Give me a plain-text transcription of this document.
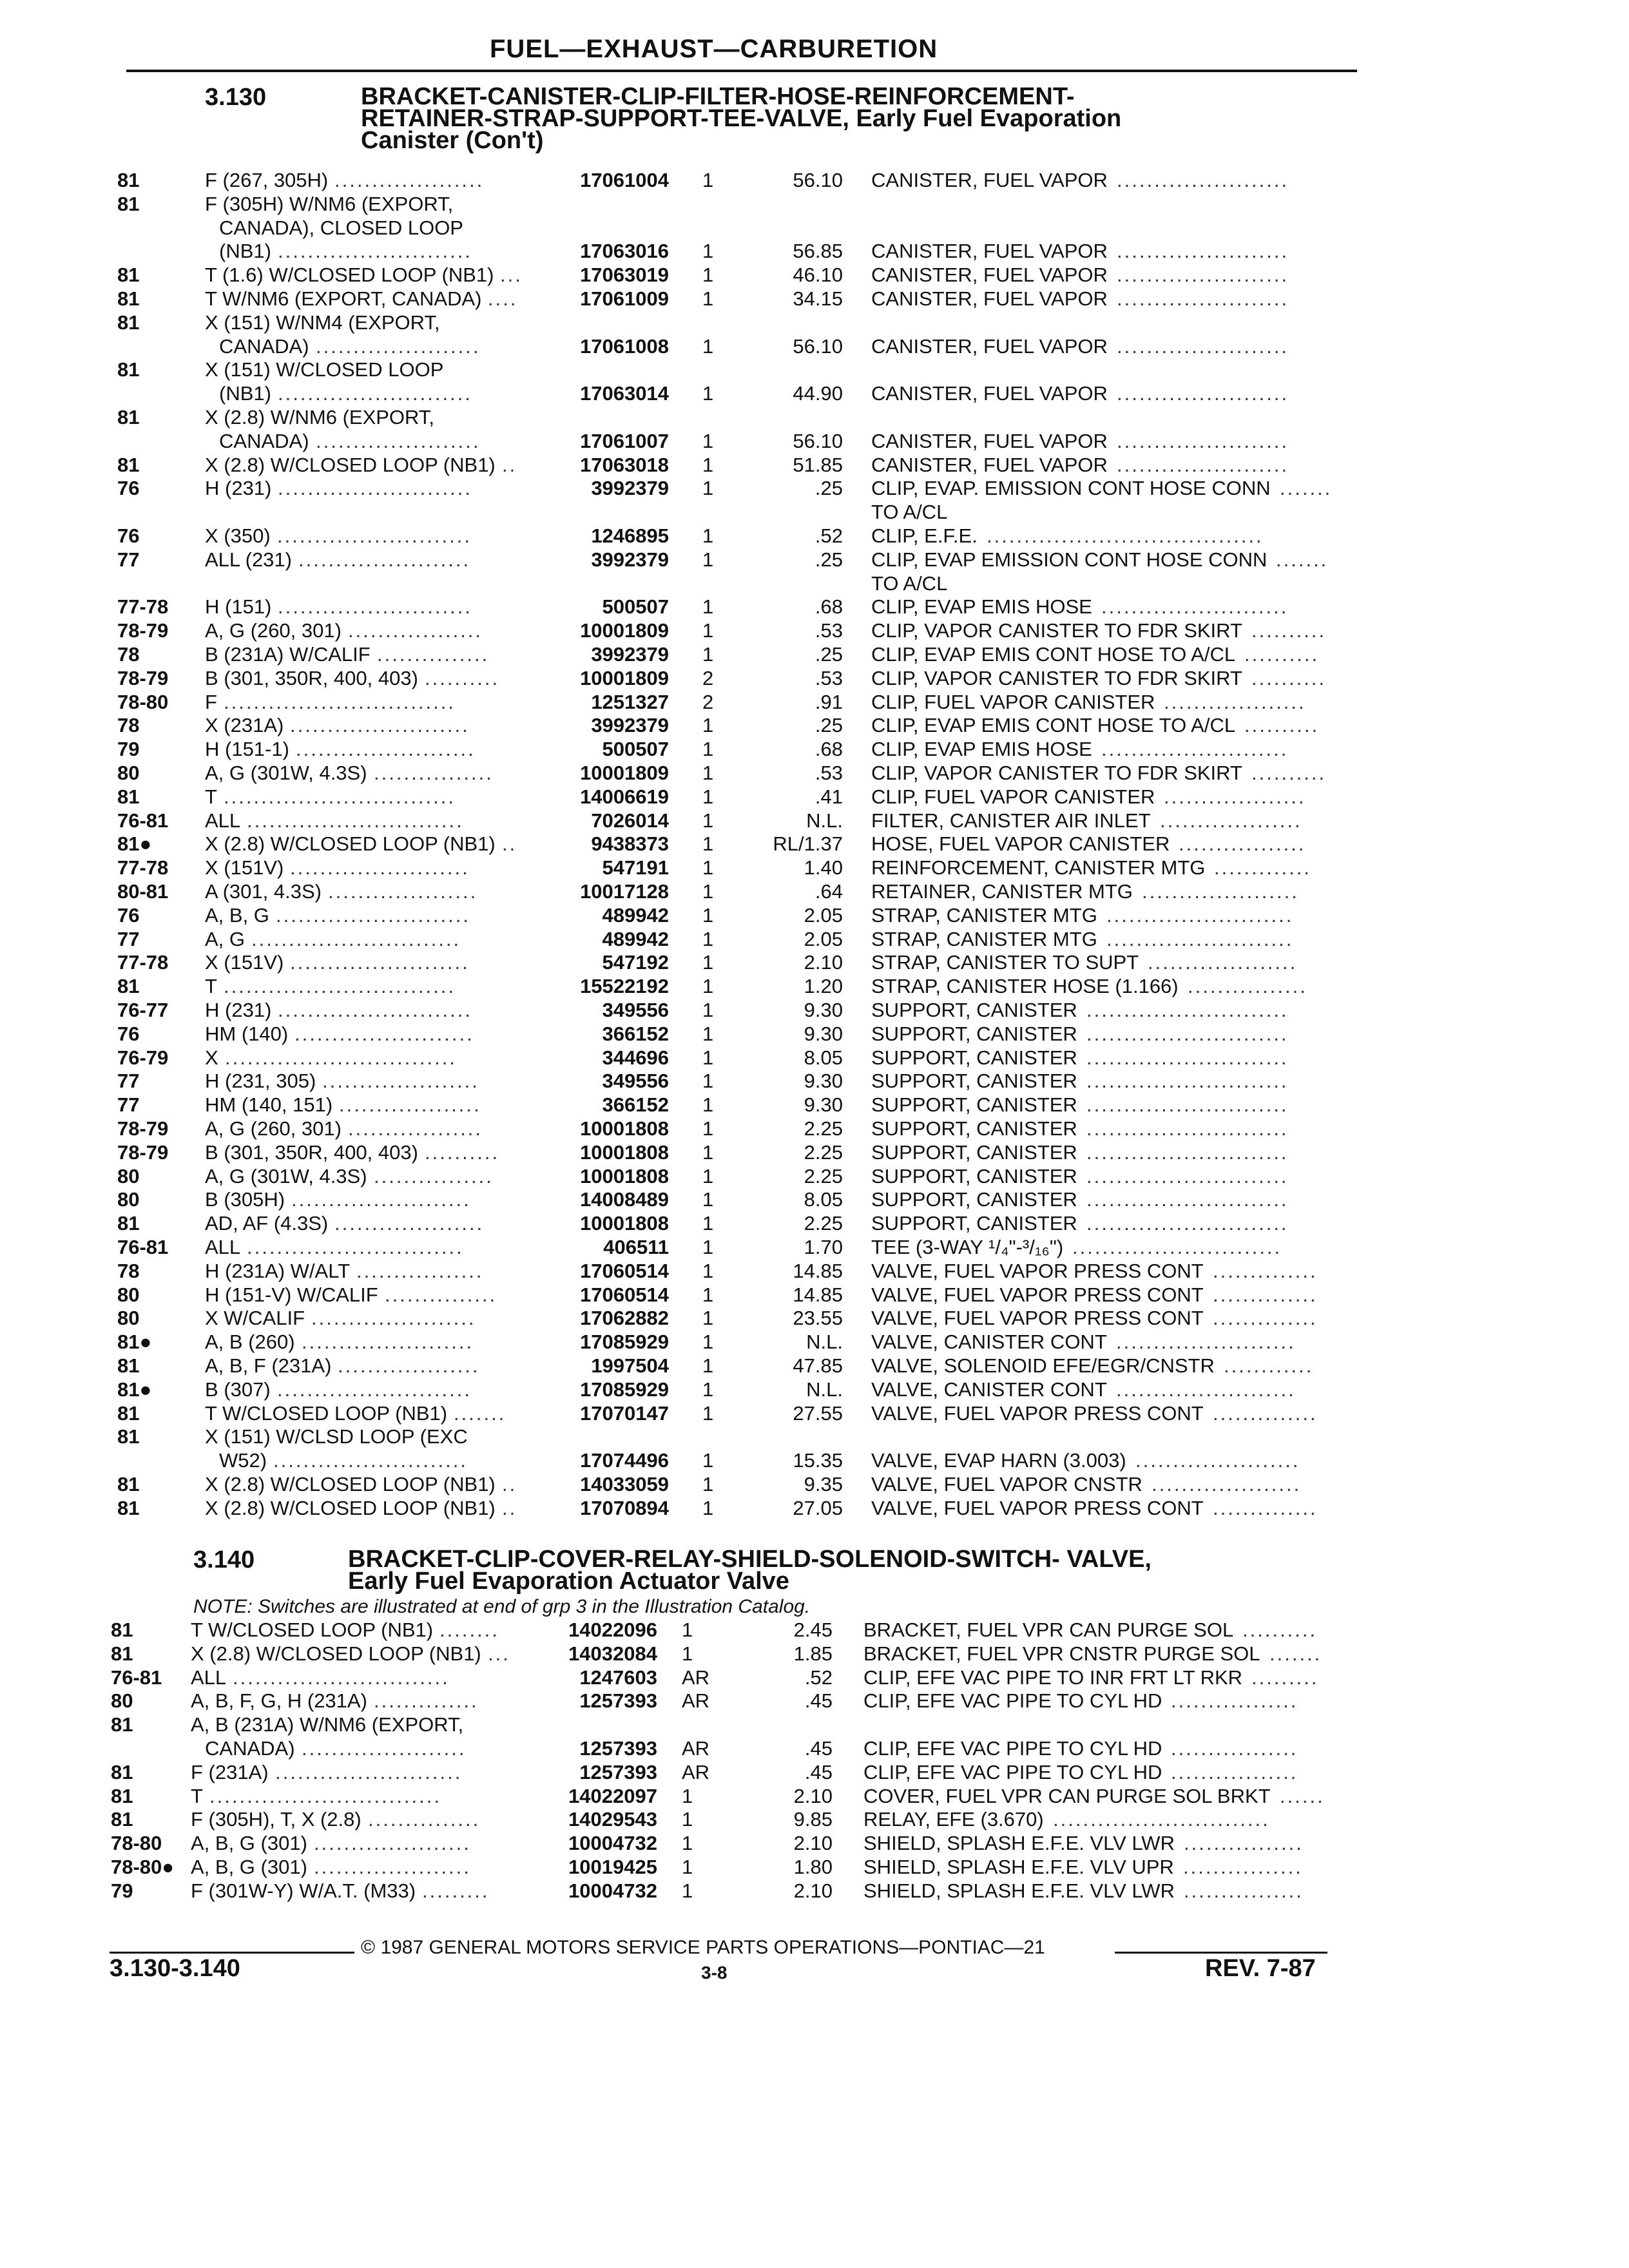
FUEL—EXHAUST—CARBURETION
3.130	BRACKET-CANISTER-CLIP-FILTER-HOSE-REINFORCEMENT-
RETAINER-STRAP-SUPPORT-TEE-VALVE, Early Fuel Evaporation
Canister (Con't)
81	F (267, 305H)	17061004 1	56.10 CANISTER, FUEL VAPOR
....................	.......................
81	F (305H) W/NM6 (EXPORT,
CANADA), CLOSED LOOP
(NB1)	17063016 1	56.85 CANISTER, FUEL VAPOR
..........................	.......................
81	T (1.6) W/CLOSED LOOP (NB1)	17063019 1	46.10 CANISTER, FUEL VAPOR
...	.......................
81	T W/NM6 (EXPORT, CANADA)	17061009 1	34.15 CANISTER, FUEL VAPOR
....	.......................
81	X (151) W/NM4 (EXPORT,
CANADA)	17061008 1	56.10 CANISTER, FUEL VAPOR
......................	.......................
81	X (151) W/CLOSED LOOP
(NB1)	17063014 1	44.90 CANISTER, FUEL VAPOR
..........................	.......................
81	X (2.8) W/NM6 (EXPORT,
CANADA)	17061007 1	56.10 CANISTER, FUEL VAPOR
......................	.......................
81	X (2.8) W/CLOSED LOOP (NB1)	17063018 1	51.85 CANISTER, FUEL VAPOR
..	.......................
76	H (231)	3992379 1	.25 CLIP, EVAP. EMISSION CONT HOSE CONN
..........................	.......
TO A/CL
76	X (350)	1246895 1	.52 CLIP, E.F.E.
..........................	.....................................
77	ALL (231)	3992379 1	.25 CLIP, EVAP EMISSION CONT HOSE CONN
.......................	.......
TO A/CL
77-78 H (151)	500507 1	.68 CLIP, EVAP EMIS HOSE
..........................	.........................
78-79 A, G (260, 301)	10001809 1	.53 CLIP, VAPOR CANISTER TO FDR SKIRT
..................	..........
78	B (231A) W/CALIF	3992379 1	.25 CLIP, EVAP EMIS CONT HOSE TO A/CL
...............	..........
78-79 B (301, 350R, 400, 403)	10001809 2	.53 CLIP, VAPOR CANISTER TO FDR SKIRT
..........	..........
78-80 F	1251327 2	.91 CLIP, FUEL VAPOR CANISTER
...............................	...................
78	X (231A)	3992379 1	.25 CLIP, EVAP EMIS CONT HOSE TO A/CL
........................	..........
79	H (151-1)	500507 1	.68 CLIP, EVAP EMIS HOSE
........................	.........................
80	A, G (301W, 4.3S)	10001809 1	.53 CLIP, VAPOR CANISTER TO FDR SKIRT
................	..........
81	T	14006619 1	.41 CLIP, FUEL VAPOR CANISTER
...............................	...................
76-81 ALL	7026014 1	N.L. FILTER, CANISTER AIR INLET
.............................	...................
81●	X (2.8) W/CLOSED LOOP (NB1)	9438373 1	RL/1.37 HOSE, FUEL VAPOR CANISTER
..	.................
77-78 X (151V)	547191 1	1.40 REINFORCEMENT, CANISTER MTG
........................	.............
80-81 A (301, 4.3S)	10017128 1	.64 RETAINER, CANISTER MTG
....................	.....................
76	A, B, G	489942 1	2.05 STRAP, CANISTER MTG
..........................	.........................
77	A, G	489942 1	2.05 STRAP, CANISTER MTG
............................	.........................
77-78 X (151V)	547192 1	2.10 STRAP, CANISTER TO SUPT
........................	....................
81	T	15522192 1	1.20 STRAP, CANISTER HOSE (1.166)
...............................	................
76-77 H (231)	349556 1	9.30 SUPPORT, CANISTER
..........................	...........................
76	HM (140)	366152 1	9.30 SUPPORT, CANISTER
........................	...........................
76-79 X	344696 1	8.05 SUPPORT, CANISTER
...............................	...........................
77	H (231, 305)	349556 1	9.30 SUPPORT, CANISTER
.....................	...........................
77	HM (140, 151)	366152 1	9.30 SUPPORT, CANISTER
...................	...........................
78-79 A, G (260, 301)	10001808 1	2.25 SUPPORT, CANISTER
..................	...........................
78-79 B (301, 350R, 400, 403)	10001808 1	2.25 SUPPORT, CANISTER
..........	...........................
80	A, G (301W, 4.3S)	10001808 1	2.25 SUPPORT, CANISTER
................	...........................
80	B (305H)	14008489 1	8.05 SUPPORT, CANISTER
........................	...........................
81	AD, AF (4.3S)	10001808 1	2.25 SUPPORT, CANISTER
....................	...........................
76-81 ALL	406511 1	1.70 TEE (3-WAY ¹/₄"-³/₁₆")
.............................	............................
78	H (231A) W/ALT	17060514 1	14.85 VALVE, FUEL VAPOR PRESS CONT
.................	..............
80	H (151-V) W/CALIF	17060514 1	14.85 VALVE, FUEL VAPOR PRESS CONT
...............	..............
80	X W/CALIF	17062882 1	23.55 VALVE, FUEL VAPOR PRESS CONT
......................	..............
81●	A, B (260)	17085929 1	N.L. VALVE, CANISTER CONT
.......................	........................
81	A, B, F (231A)	1997504 1	47.85 VALVE, SOLENOID EFE/EGR/CNSTR
...................	............
81●	B (307)	17085929 1	N.L. VALVE, CANISTER CONT
..........................	........................
81	T W/CLOSED LOOP (NB1)	17070147 1	27.55 VALVE, FUEL VAPOR PRESS CONT
.......	..............
81	X (151) W/CLSD LOOP (EXC
W52)	17074496 1	15.35 VALVE, EVAP HARN (3.003)
..........................	......................
81	X (2.8) W/CLOSED LOOP (NB1)	14033059 1	9.35 VALVE, FUEL VAPOR CNSTR
..	....................
81	X (2.8) W/CLOSED LOOP (NB1)	17070894 1	27.05 VALVE, FUEL VAPOR PRESS CONT
..	..............
3.140	BRACKET-CLIP-COVER-RELAY-SHIELD-SOLENOID-SWITCH- VALVE,
Early Fuel Evaporation Actuator Valve
NOTE: Switches are illustrated at end of grp 3 in the Illustration Catalog.
81	T W/CLOSED LOOP (NB1)	14022096 1	2.45 BRACKET, FUEL VPR CAN PURGE SOL
........	..........
81	X (2.8) W/CLOSED LOOP (NB1)	14032084 1	1.85 BRACKET, FUEL VPR CNSTR PURGE SOL
...	.......
76-81 ALL	1247603 AR	.52 CLIP, EFE VAC PIPE TO INR FRT LT RKR
.............................	.........
80	A, B, F, G, H (231A)	1257393 AR	.45 CLIP, EFE VAC PIPE TO CYL HD
..............	.................
81	A, B (231A) W/NM6 (EXPORT,
CANADA)	1257393 AR	.45 CLIP, EFE VAC PIPE TO CYL HD
......................	.................
81	F (231A)	1257393 AR	.45 CLIP, EFE VAC PIPE TO CYL HD
.........................	.................
81	T	14022097 1	2.10 COVER, FUEL VPR CAN PURGE SOL BRKT
...............................	......
81	F (305H), T, X (2.8)	14029543 1	9.85 RELAY, EFE (3.670)
...............	.............................
78-80 A, B, G (301)	10004732 1	2.10 SHIELD, SPLASH E.F.E. VLV LWR
.....................	................
78-80● A, B, G (301)	10019425 1	1.80 SHIELD, SPLASH E.F.E. VLV UPR
.....................	................
79	F (301W-Y) W/A.T. (M33)	10004732 1	2.10 SHIELD, SPLASH E.F.E. VLV LWR
.........	................
© 1987 GENERAL MOTORS SERVICE PARTS OPERATIONS—PONTIAC—21
3.130-3.140	3-8	REV. 7-87
